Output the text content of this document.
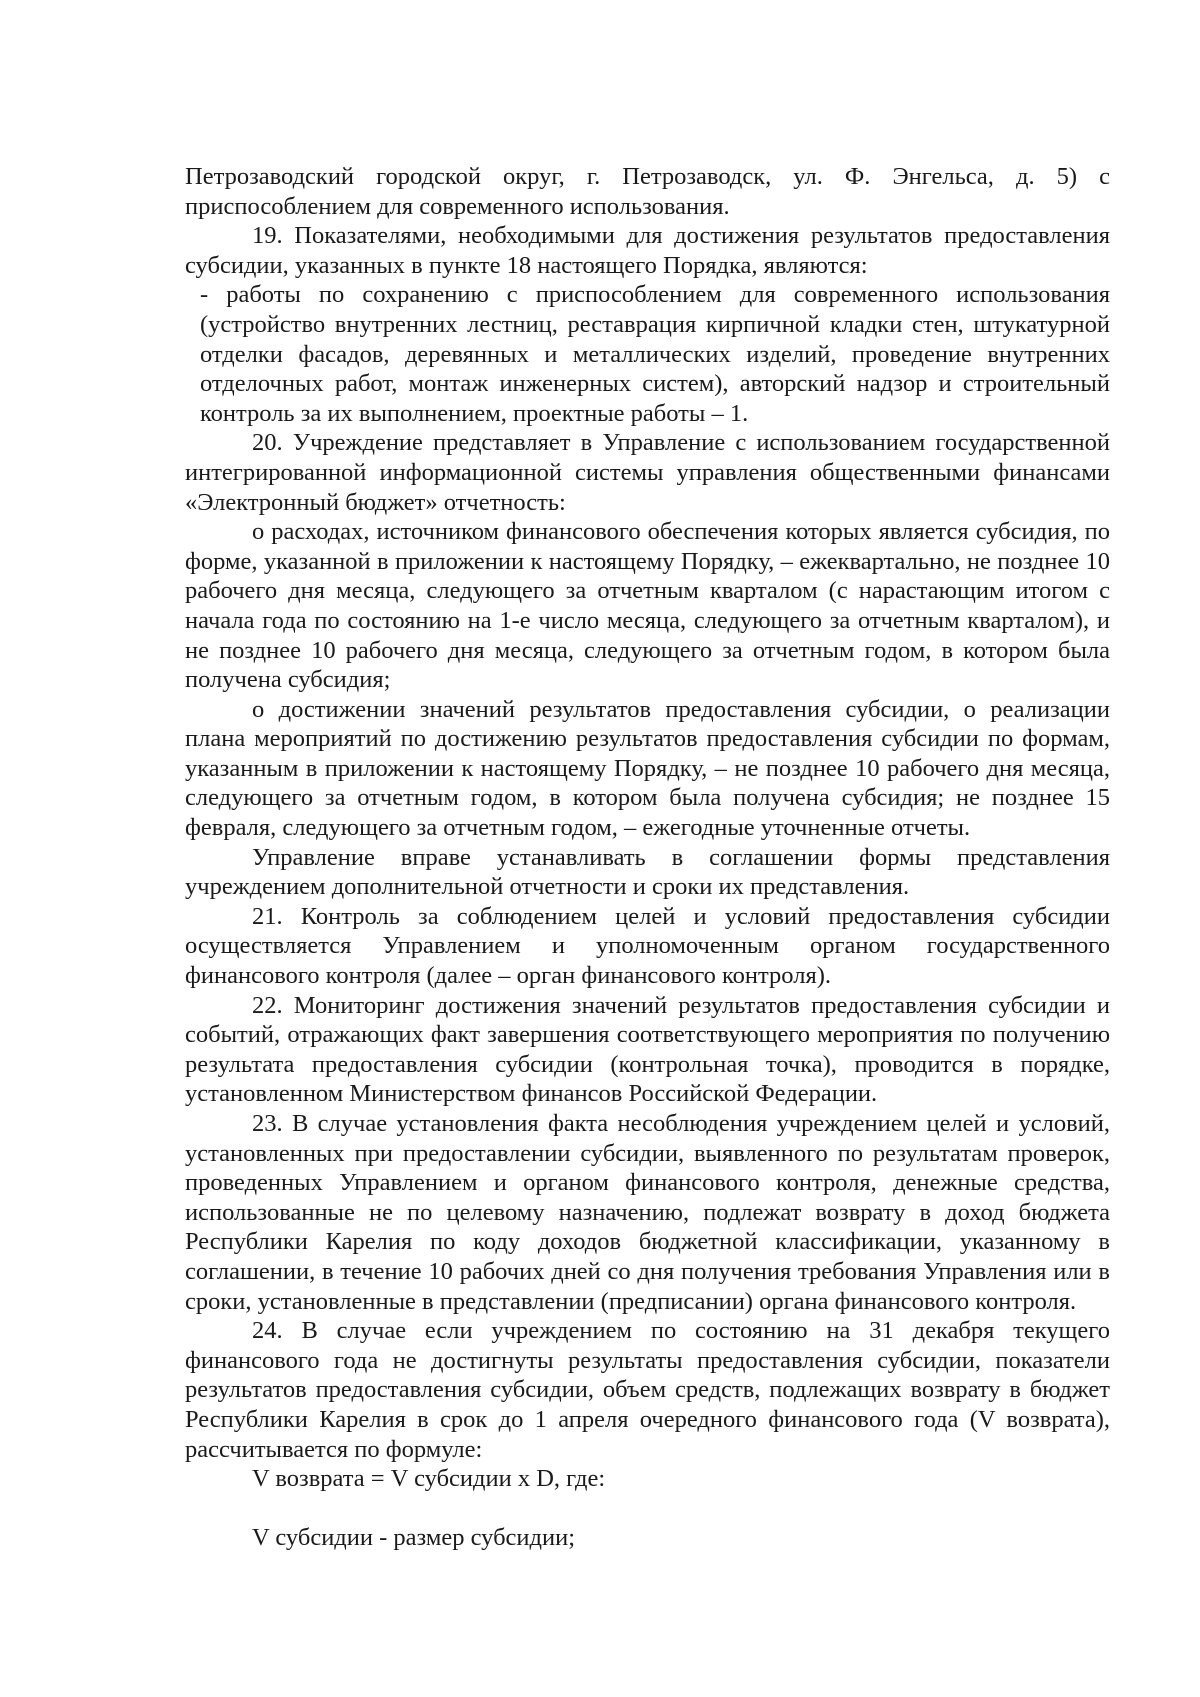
Петрозаводский городской округ, г. Петрозаводск, ул. Ф. Энгельса, д. 5) с приспособлением для современного использования.

19. Показателями, необходимыми для достижения результатов предоставления субсидии, указанных в пункте 18 настоящего Порядка, являются:

- работы по сохранению с приспособлением для современного использования (устройство внутренних лестниц, реставрация кирпичной кладки стен, штукатурной отделки фасадов, деревянных и металлических изделий, проведение внутренних отделочных работ, монтаж инженерных систем), авторский надзор и строительный контроль за их выполнением, проектные работы – 1.

20. Учреждение представляет в Управление с использованием государственной интегрированной информационной системы управления общественными финансами «Электронный бюджет» отчетность:

о расходах, источником финансового обеспечения которых является субсидия, по форме, указанной в приложении к настоящему Порядку, – ежеквартально, не позднее 10 рабочего дня месяца, следующего за отчетным кварталом (с нарастающим итогом с начала года по состоянию на 1-е число месяца, следующего за отчетным кварталом), и не позднее 10 рабочего дня месяца, следующего за отчетным годом, в котором была получена субсидия;

о достижении значений результатов предоставления субсидии, о реализации плана мероприятий по достижению результатов предоставления субсидии по формам, указанным в приложении к настоящему Порядку, – не позднее 10 рабочего дня месяца, следующего за отчетным годом, в котором была получена субсидия; не позднее 15 февраля, следующего за отчетным годом, – ежегодные уточненные отчеты.

Управление вправе устанавливать в соглашении формы представления учреждением дополнительной отчетности и сроки их представления.

21. Контроль за соблюдением целей и условий предоставления субсидии осуществляется Управлением и уполномоченным органом государственного финансового контроля (далее – орган финансового контроля).

22. Мониторинг достижения значений результатов предоставления субсидии и событий, отражающих факт завершения соответствующего мероприятия по получению результата предоставления субсидии (контрольная точка), проводится в порядке, установленном Министерством финансов Российской Федерации.

23. В случае установления факта несоблюдения учреждением целей и условий, установленных при предоставлении субсидии, выявленного по результатам проверок, проведенных Управлением и органом финансового контроля, денежные средства, использованные не по целевому назначению, подлежат возврату в доход бюджета Республики Карелия по коду доходов бюджетной классификации, указанному в соглашении, в течение 10 рабочих дней со дня получения требования Управления или в сроки, установленные в представлении (предписании) органа финансового контроля.

24. В случае если учреждением по состоянию на 31 декабря текущего финансового года не достигнуты результаты предоставления субсидии, показатели результатов предоставления субсидии, объем средств, подлежащих возврату в бюджет Республики Карелия в срок до 1 апреля очередного финансового года (V возврата), рассчитывается по формуле:

V возврата = V субсидии x D, где:

V субсидии - размер субсидии;
